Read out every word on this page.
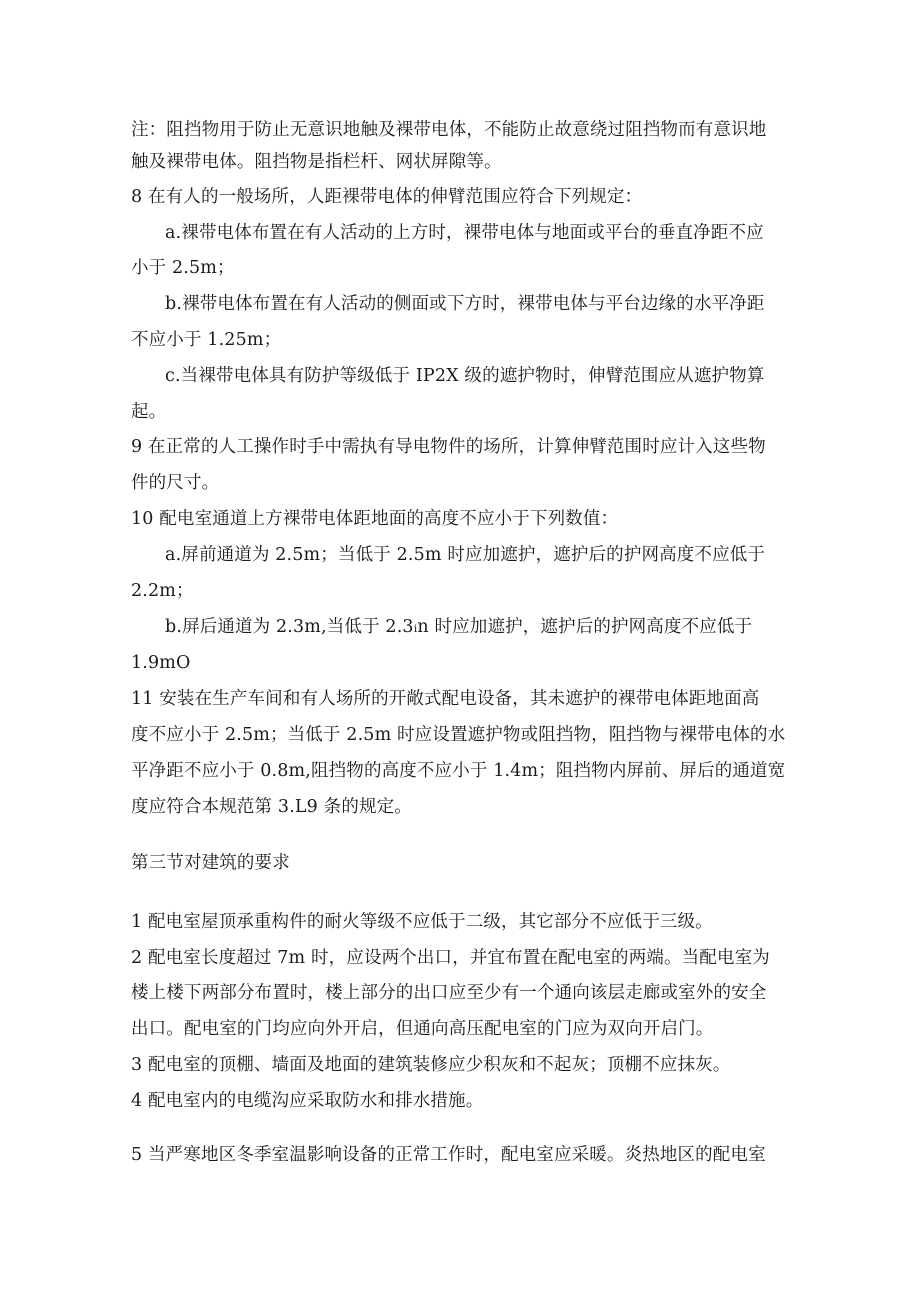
注：阻挡物用于防止无意识地触及裸带电体，不能防止故意绕过阻挡物而有意识地
触及裸带电体。阻挡物是指栏杆、网状屏隙等。
8 在有人的一般场所，人距裸带电体的伸臂范围应符合下列规定：
a.裸带电体布置在有人活动的上方时，裸带电体与地面或平台的垂直净距不应
小于 2.5m；
b.裸带电体布置在有人活动的侧面或下方时，裸带电体与平台边缘的水平净距
不应小于 1.25m；
c.当裸带电体具有防护等级低于 IP2X 级的遮护物时，伸臂范围应从遮护物算
起。
9 在正常的人工操作时手中需执有导电物件的场所，计算伸臂范围时应计入这些物
件的尺寸。
10 配电室通道上方裸带电体距地面的高度不应小于下列数值：
a.屏前通道为 2.5m；当低于 2.5m 时应加遮护，遮护后的护网高度不应低于
2.2m；
b.屏后通道为 2.3m,当低于 2.3ᵢn 时应加遮护，遮护后的护网高度不应低于
1.9mO
11 安装在生产车间和有人场所的开敞式配电设备，其未遮护的裸带电体距地面高
度不应小于 2.5m；当低于 2.5m 时应设置遮护物或阻挡物，阻挡物与裸带电体的水
平净距不应小于 0.8m,阻挡物的高度不应小于 1.4m；阻挡物内屏前、屏后的通道宽
度应符合本规范第 3.L9 条的规定。
第三节对建筑的要求
1 配电室屋顶承重构件的耐火等级不应低于二级，其它部分不应低于三级。
2 配电室长度超过 7m 时，应设两个出口，并宜布置在配电室的两端。当配电室为
楼上楼下两部分布置时，楼上部分的出口应至少有一个通向该层走廊或室外的安全
出口。配电室的门均应向外开启，但通向高压配电室的门应为双向开启门。
3 配电室的顶棚、墙面及地面的建筑装修应少积灰和不起灰；顶棚不应抹灰。
4 配电室内的电缆沟应采取防水和排水措施。
5 当严寒地区冬季室温影响设备的正常工作时，配电室应采暖。炎热地区的配电室
